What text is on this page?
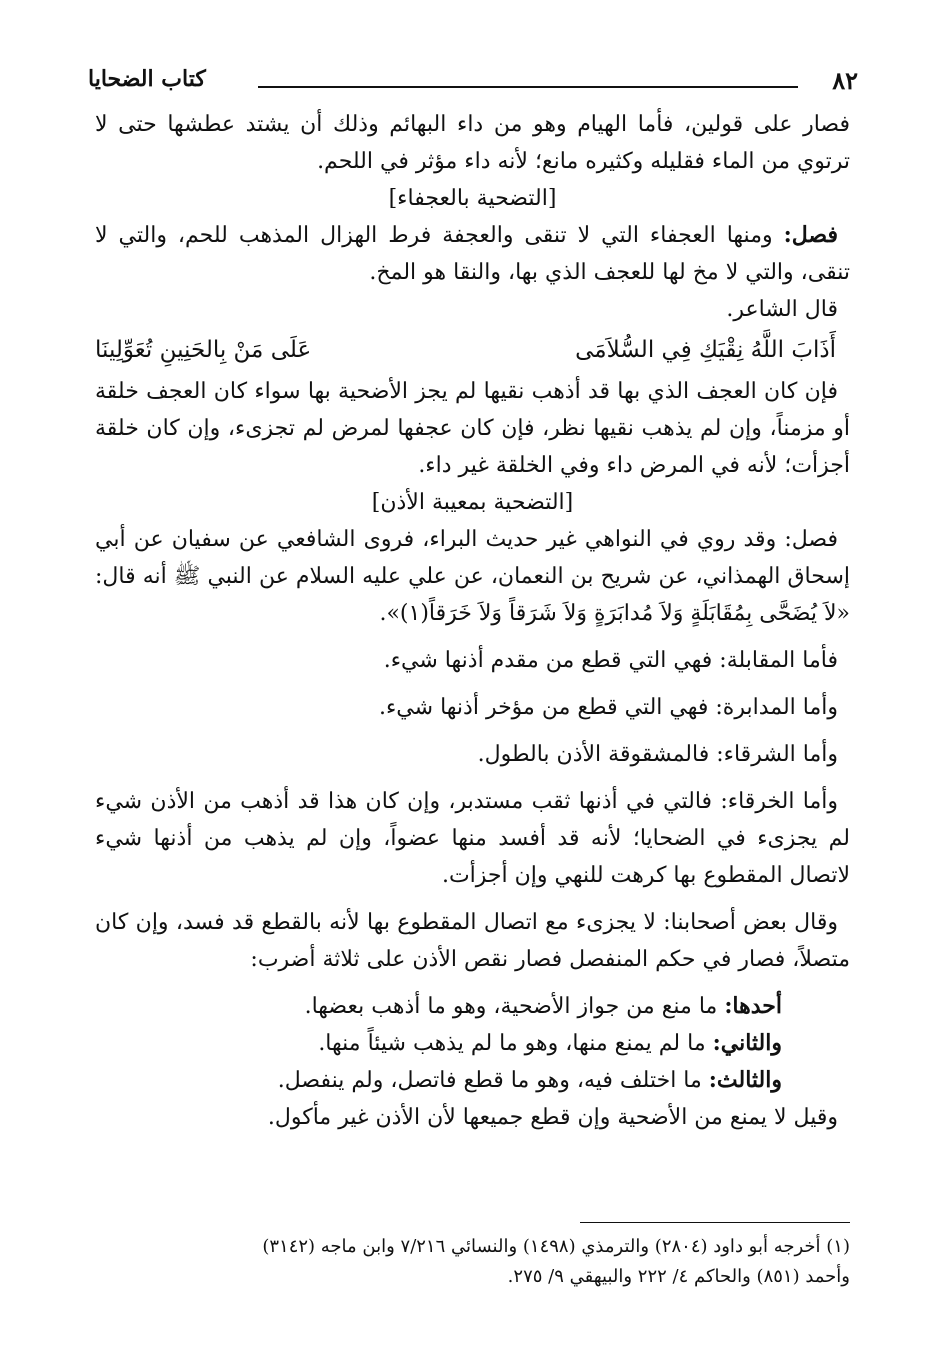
٨٢
كتاب الضحايا

فصار على قولين، فأما الهيام وهو من داء البهائم وذلك أن يشتد عطشها حتى لا ترتوي من الماء فقليله وكثيره مانع؛ لأنه داء مؤثر في اللحم.

[التضحية بالعجفاء]

فصل: ومنها العجفاء التي لا تنقى والعجفة فرط الهزال المذهب للحم، والتي لا تنقى، والتي لا مخ لها للعجف الذي بها، والنقا هو المخ.

قال الشاعر.

أَذَابَ اللَّهُ نِقْيَكِ فِي السُّلاَمَى
عَلَى مَنْ بِالحَنِينِ تُعَوِّلِينَا

فإن كان العجف الذي بها قد أذهب نقيها لم يجز الأضحية بها سواء كان العجف خلقة أو مزمناً، وإن لم يذهب نقيها نظر، فإن كان عجفها لمرض لم تجزىء، وإن كان خلقة أجزأت؛ لأنه في المرض داء وفي الخلقة غير داء.

[التضحية بمعيبة الأذن]

فصل: وقد روي في النواهي غير حديث البراء، فروى الشافعي عن سفيان عن أبي إسحاق الهمذاني، عن شريح بن النعمان، عن علي عليه السلام عن النبي ﷺ أنه قال: «لاَ يُضَحَّى بِمُقَابَلَةٍ وَلاَ مُدابَرَةٍ وَلاَ شَرَقاً وَلاَ خَرَقاً(١)».

فأما المقابلة: فهي التي قطع من مقدم أذنها شيء.

وأما المدابرة: فهي التي قطع من مؤخر أذنها شيء.

وأما الشرقاء: فالمشقوقة الأذن بالطول.

وأما الخرقاء: فالتي في أذنها ثقب مستدبر، وإن كان هذا قد أذهب من الأذن شيء لم يجزىء في الضحايا؛ لأنه قد أفسد منها عضواً، وإن لم يذهب من أذنها شيء لاتصال المقطوع بها كرهت للنهي وإن أجزأت.

وقال بعض أصحابنا: لا يجزىء مع اتصال المقطوع بها لأنه بالقطع قد فسد، وإن كان متصلاً، فصار في حكم المنفصل فصار نقص الأذن على ثلاثة أضرب:

أحدها: ما منع من جواز الأضحية، وهو ما أذهب بعضها.

والثاني: ما لم يمنع منها، وهو ما لم يذهب شيئاً منها.

والثالث: ما اختلف فيه، وهو ما قطع فاتصل، ولم ينفصل.

وقيل لا يمنع من الأضحية وإن قطع جميعها لأن الأذن غير مأكول.

(١) أخرجه أبو داود (٢٨٠٤) والترمذي (١٤٩٨) والنسائي ٧/٢١٦ وابن ماجه (٣١٤٢)

وأحمد (٨٥١) والحاكم ٤/ ٢٢٢ والبيهقي ٩/ ٢٧٥.
